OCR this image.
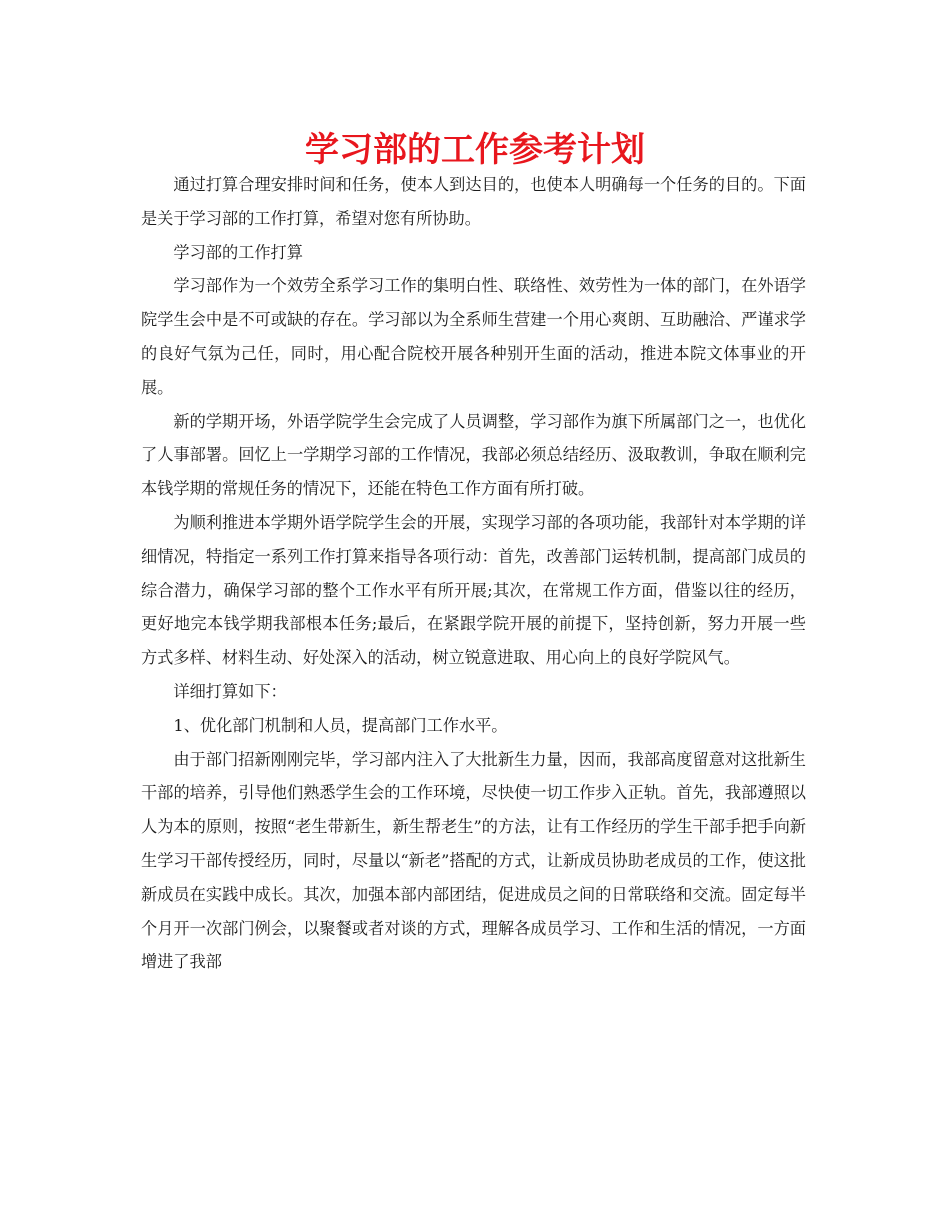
学习部的工作参考计划

通过打算合理安排时间和任务，使本人到达目的，也使本人明确每一个任务的目的。下面是关于学习部的工作打算，希望对您有所协助。

学习部的工作打算

学习部作为一个效劳全系学习工作的集明白性、联络性、效劳性为一体的部门，在外语学院学生会中是不可或缺的存在。学习部以为全系师生营建一个用心爽朗、互助融洽、严谨求学的良好气氛为己任，同时，用心配合院校开展各种别开生面的活动，推进本院文体事业的开展。

新的学期开场，外语学院学生会完成了人员调整，学习部作为旗下所属部门之一，也优化了人事部署。回忆上一学期学习部的工作情况，我部必须总结经历、汲取教训，争取在顺利完本钱学期的常规任务的情况下，还能在特色工作方面有所打破。

为顺利推进本学期外语学院学生会的开展，实现学习部的各项功能，我部针对本学期的详细情况，特指定一系列工作打算来指导各项行动：首先，改善部门运转机制，提高部门成员的综合潜力，确保学习部的整个工作水平有所开展;其次，在常规工作方面，借鉴以往的经历，更好地完本钱学期我部根本任务;最后，在紧跟学院开展的前提下，坚持创新，努力开展一些方式多样、材料生动、好处深入的活动，树立锐意进取、用心向上的良好学院风气。

详细打算如下：

1、优化部门机制和人员，提高部门工作水平。

由于部门招新刚刚完毕，学习部内注入了大批新生力量，因而，我部高度留意对这批新生干部的培养，引导他们熟悉学生会的工作环境，尽快使一切工作步入正轨。首先，我部遵照以人为本的原则，按照“老生带新生，新生帮老生”的方法，让有工作经历的学生干部手把手向新生学习干部传授经历，同时，尽量以“新老”搭配的方式，让新成员协助老成员的工作，使这批新成员在实践中成长。其次，加强本部内部团结，促进成员之间的日常联络和交流。固定每半个月开一次部门例会，以聚餐或者对谈的方式，理解各成员学习、工作和生活的情况，一方面增进了我部
